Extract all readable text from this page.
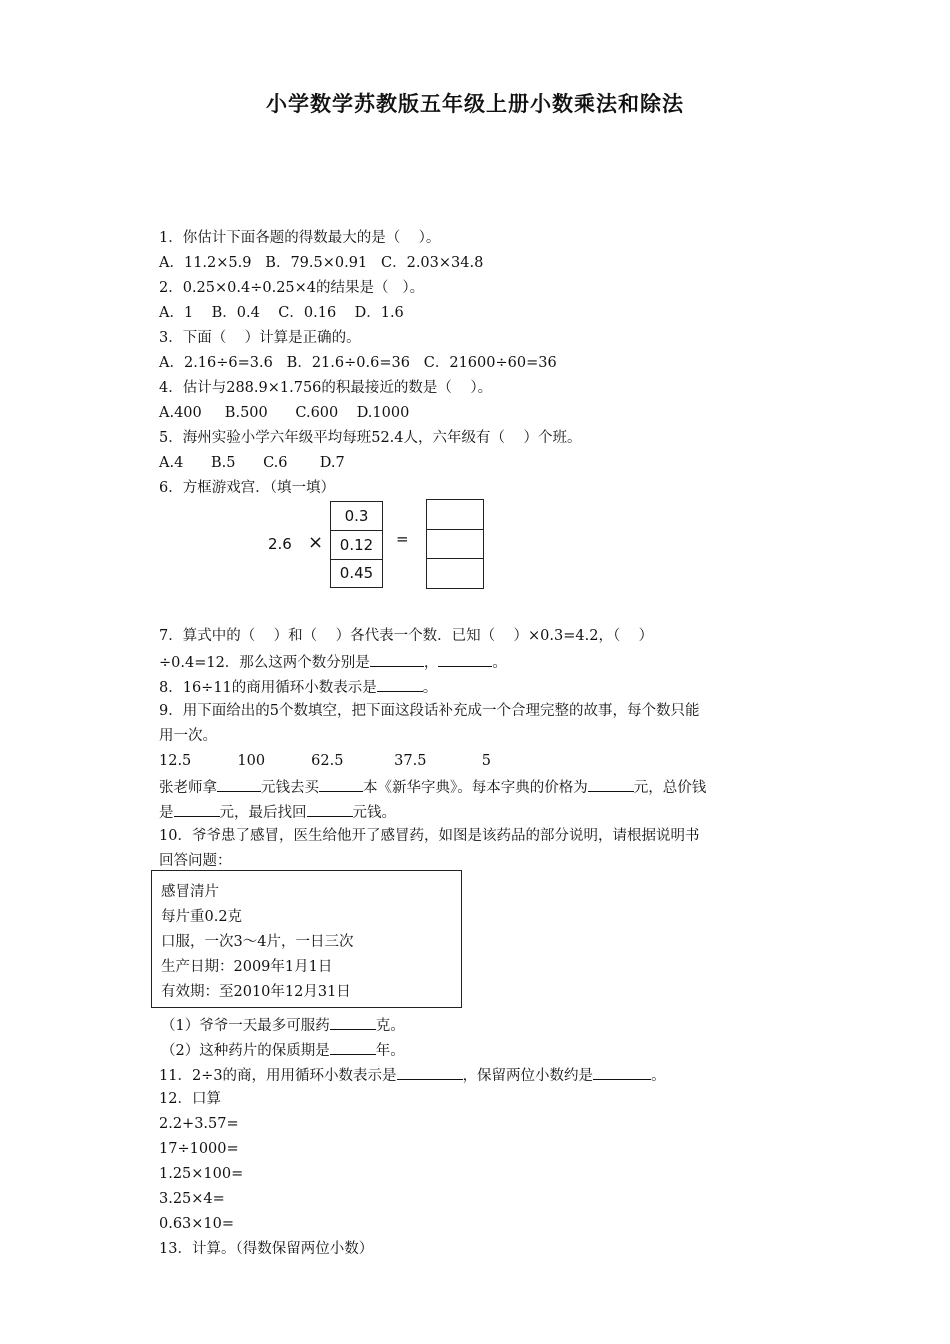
小学数学苏教版五年级上册小数乘法和除法
1．你估计下面各题的得数最大的是（    ）。
A．11.2×5.9   B．79.5×0.91   C．2.03×34.8
2．0.25×0.4÷0.25×4的结果是（   ）。
A．1    B．0.4    C．0.16    D．1.6
3．下面（    ）计算是正确的。
A．2.16÷6=3.6   B．21.6÷0.6=36   C．21600÷60=36
4．估计与288.9×1.756的积最接近的数是（    ）。
A.400     B.500      C.600    D.1000
5．海州实验小学六年级平均每班52.4人，六年级有（    ）个班。
A.4      B.5      C.6       D.7
6．方框游戏宫．（填一填）
2.6 ×
0.3
0.12
0.45
=
7．算式中的（    ）和（    ）各代表一个数．已知（    ）×0.3=4.2，（    ）
÷0.4=12．那么这两个数分别是	，	。
8．16÷11的商用循环小数表示是	。
9．用下面给出的5个数填空，把下面这段话补充成一个合理完整的故事，每个数只能
用一次。
12.5          100          62.5           37.5            5
张老师拿	元钱去买	本《新华字典》。每本字典的价格为	元，总价钱
是	元，最后找回	元钱。
10．爷爷患了感冒，医生给他开了感冒药，如图是该药品的部分说明，请根据说明书
回答问题：
感冒清片
每片重0.2克
口服，一次3～4片，一日三次
生产日期：2009年1月1日
有效期：至2010年12月31日
（1）爷爷一天最多可服药	克。
（2）这种药片的保质期是	年。
11．2÷3的商，用用循环小数表示是	，保留两位小数约是	。
12．口算
2.2+3.57=
17÷1000=
1.25×100=
3.25×4=
0.63×10=
13．计算。（得数保留两位小数）
